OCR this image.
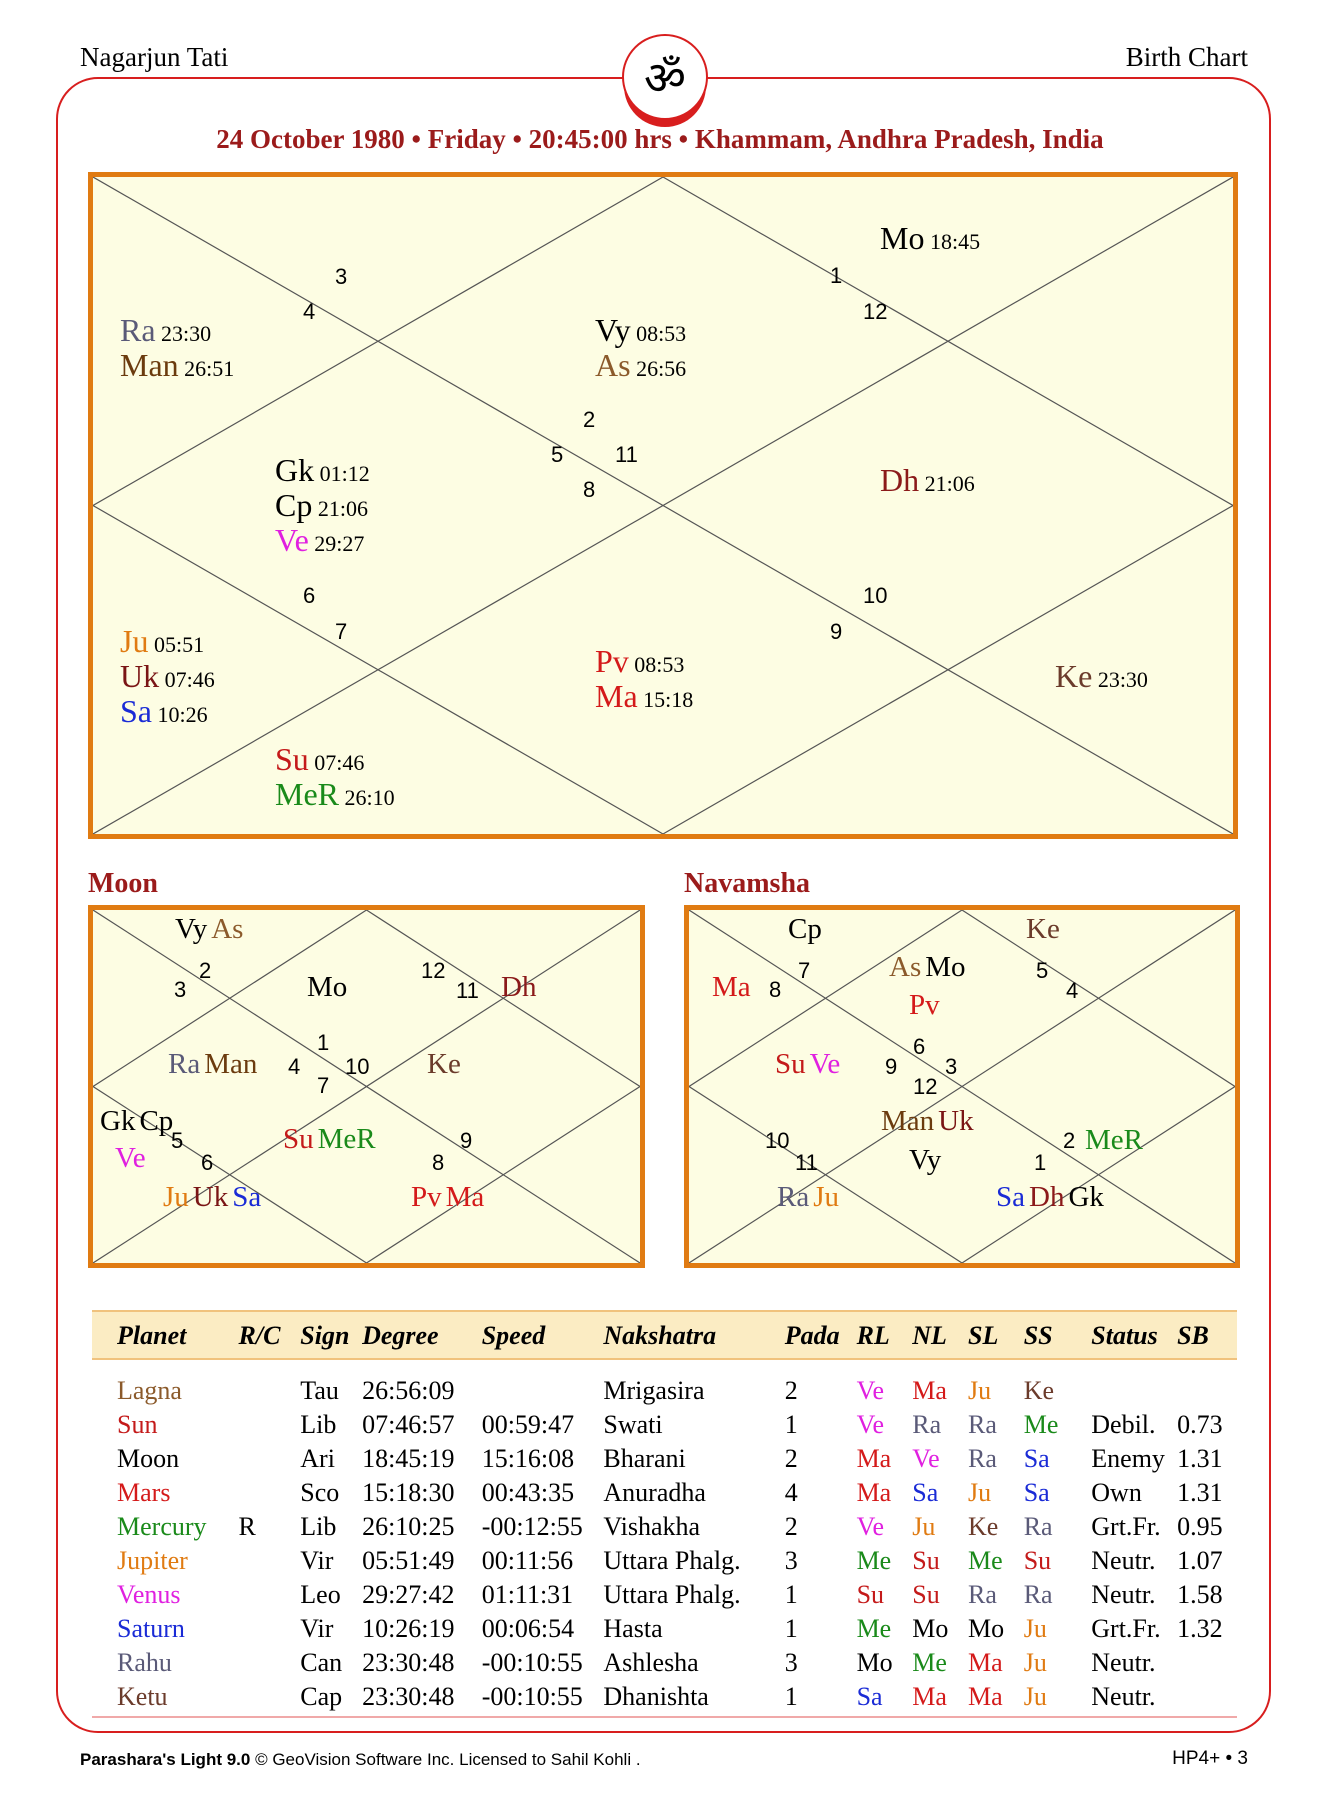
Nagarjun Tati	Birth Chart
ॐ
24 October 1980 • Friday • 20:45:00 hrs • Khammam, Andhra Pradesh, India
1
2
3
4
5
6
7
8
9
10
11
12
Mo 18:45
Ra 23:30
Man 26:51
Vy 08:53
As 26:56
Gk 01:12
Cp 21:06
Ve 29:27
Dh 21:06
Ju 05:51
Uk 07:46
Sa 10:26
Pv 08:53
Ma 15:18
Ke 23:30
Su 07:46
MeR 26:10
Moon	Navamsha
2
3
12
11
1
4 10
7
5
6	8
9
Vy As
Mo	Dh
Ra Man	Ke
Gk Cp
Ve
Su MeR
Ju Uk Sa	Pv Ma
7
8
5
4
6
9 3
12
10
11
2
1
Cp	Ke
Ma
As Mo
Pv
Su Ve
Man Uk
Vy
MeR
Ra Ju	Sa Dh Gk
Planet	R/C	Sign	Degree	Speed	Nakshatra	Pada	RL	NL	SL	SS	Status	SB

Lagna		Tau	26:56:09		Mrigasira	2	Ve	Ma	Ju	Ke		
Sun		Lib	07:46:57	00:59:47	Swati	1	Ve	Ra	Ra	Me	Debil.	0.73
Moon		Ari	18:45:19	15:16:08	Bharani	2	Ma	Ve	Ra	Sa	Enemy	1.31
Mars		Sco	15:18:30	00:43:35	Anuradha	4	Ma	Sa	Ju	Sa	Own	1.31
Mercury	R	Lib	26:10:25	-00:12:55	Vishakha	2	Ve	Ju	Ke	Ra	Grt.Fr.	0.95
Jupiter		Vir	05:51:49	00:11:56	Uttara Phalg.	3	Me	Su	Me	Su	Neutr.	1.07
Venus		Leo	29:27:42	01:11:31	Uttara Phalg.	1	Su	Su	Ra	Ra	Neutr.	1.58
Saturn		Vir	10:26:19	00:06:54	Hasta	1	Me	Mo	Mo	Ju	Grt.Fr.	1.32
Rahu		Can	23:30:48	-00:10:55	Ashlesha	3	Mo	Me	Ma	Ju	Neutr.	
Ketu		Cap	23:30:48	-00:10:55	Dhanishta	1	Sa	Ma	Ma	Ju	Neutr.	
Parashara's Light 9.0 © GeoVision Software Inc. Licensed to Sahil Kohli .	HP4+ • 3
